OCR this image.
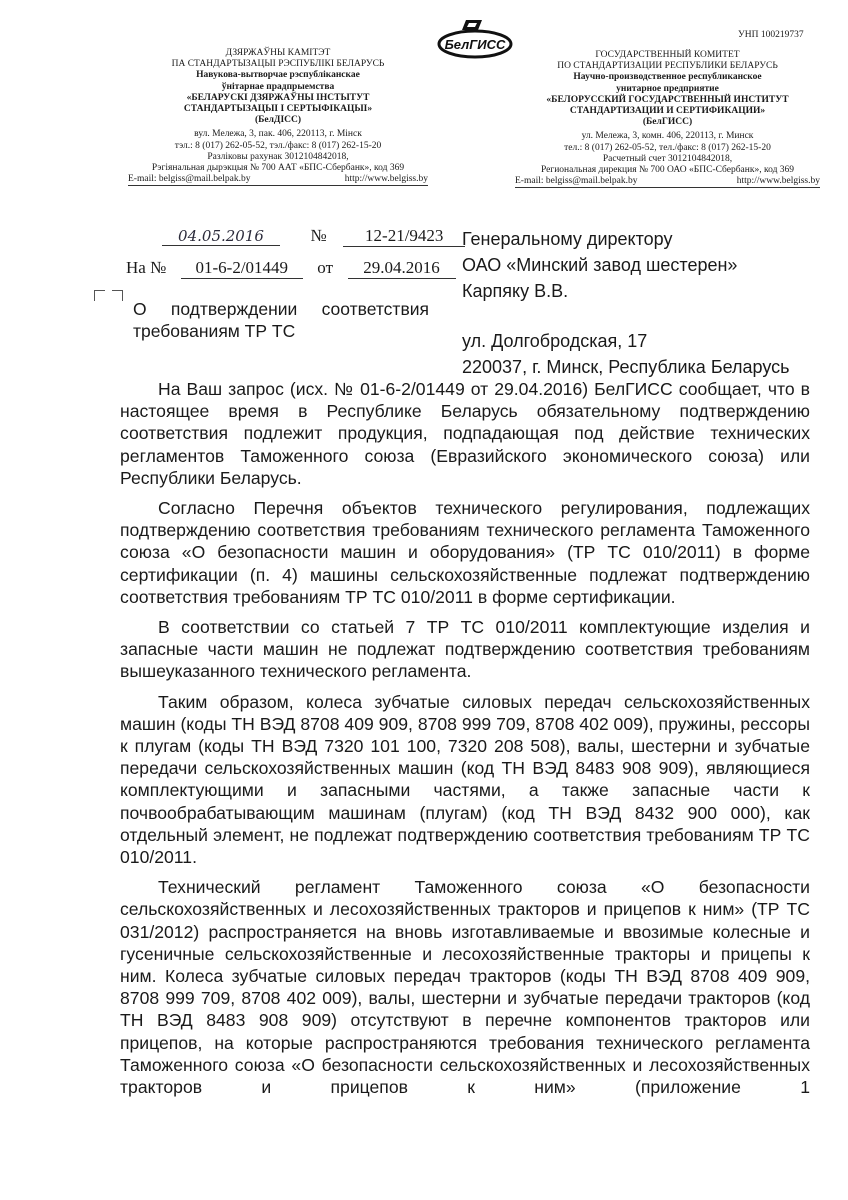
УНП 100219737
БелГИСС
ДЗЯРЖАЎНЫ КАМІТЭТ
ПА СТАНДАРТЫЗАЦЫІ РЭСПУБЛІКІ БЕЛАРУСЬ
Навукова-вытворчае рэспубліканскае
ўнітарнае прадпрыемства
«БЕЛАРУСКІ ДЗЯРЖАЎНЫ ІНСТЫТУТ
СТАНДАРТЫЗАЦЫІ І СЕРТЫФІКАЦЫІ»
(БелДІСС)
вул. Мележа, 3, пак. 406, 220113, г. Мінск
тэл.: 8 (017) 262-05-52, тэл./факс: 8 (017) 262-15-20
Разліковы рахунак 3012104842018,
Рэгіянальная дырэкцыя № 700 ААТ «БПС-Сбербанк», код 369
E-mail: belgiss@mail.belpak.by	http://www.belgiss.by
ГОСУДАРСТВЕННЫЙ КОМИТЕТ
ПО СТАНДАРТИЗАЦИИ РЕСПУБЛИКИ БЕЛАРУСЬ
Научно-производственное республиканское
унитарное предприятие
«БЕЛОРУССКИЙ ГОСУДАРСТВЕННЫЙ ИНСТИТУТ
СТАНДАРТИЗАЦИИ И СЕРТИФИКАЦИИ»
(БелГИСС)
ул. Мележа, 3, комн. 406, 220113, г. Минск
тел.: 8 (017) 262-05-52, тел./факс: 8 (017) 262-15-20
Расчетный счет 3012104842018,
Региональная дирекция № 700 ОАО «БПС-Сбербанк», код 369
E-mail: belgiss@mail.belpak.by	http://www.belgiss.by
04.05.2016	№ 12-21/9423
На № 01-6-2/01449 от 29.04.2016
Генеральному директору
ОАО «Минский завод шестерен»
Карпяку В.В.
ул. Долгобродская, 17
220037, г. Минск, Республика Беларусь
О подтверждении соответствия
требованиям ТР ТС

На Ваш запрос (исх. № 01-6-2/01449 от 29.04.2016) БелГИСС сообщает, что в настоящее время в Республике Беларусь обязательному подтверждению соответствия подлежит продукция, подпадающая под действие технических регламентов Таможенного союза (Евразийского экономического союза) или Республики Беларусь.

Согласно Перечня объектов технического регулирования, подлежащих подтверждению соответствия требованиям технического регламента Таможенного союза «О безопасности машин и оборудования» (ТР ТС 010/2011) в форме сертификации (п. 4) машины сельскохозяйственные подлежат подтверждению соответствия требованиям ТР ТС 010/2011 в форме сертификации.

В соответствии со статьей 7 ТР ТС 010/2011 комплектующие изделия и запасные части машин не подлежат подтверждению соответствия требованиям вышеуказанного технического регламента.

Таким образом, колеса зубчатые силовых передач сельскохозяйственных машин (коды ТН ВЭД 8708 409 909, 8708 999 709, 8708 402 009), пружины, рессоры к плугам (коды ТН ВЭД 7320 101 100, 7320 208 508), валы, шестерни и зубчатые передачи сельскохозяйственных машин (код ТН ВЭД 8483 908 909), являющиеся комплектующими и запасными частями, а также запасные части к почвообрабатывающим машинам (плугам) (код ТН ВЭД 8432 900 000), как отдельный элемент, не подлежат подтверждению соответствия требованиям ТР ТС 010/2011.

Технический регламент Таможенного союза «О безопасности сельскохозяйственных и лесохозяйственных тракторов и прицепов к ним» (ТР ТС 031/2012) распространяется на вновь изготавливаемые и ввозимые колесные и гусеничные сельскохозяйственные и лесохозяйственные тракторы и прицепы к ним. Колеса зубчатые силовых передач тракторов (коды ТН ВЭД 8708 409 909, 8708 999 709, 8708 402 009), валы, шестерни и зубчатые передачи тракторов (код ТН ВЭД 8483 908 909) отсутствуют в перечне компонентов тракторов или прицепов, на которые распространяются требования технического регламента Таможенного союза «О безопасности сельскохозяйственных и лесохозяйственных тракторов и прицепов к ним» (приложение 1
